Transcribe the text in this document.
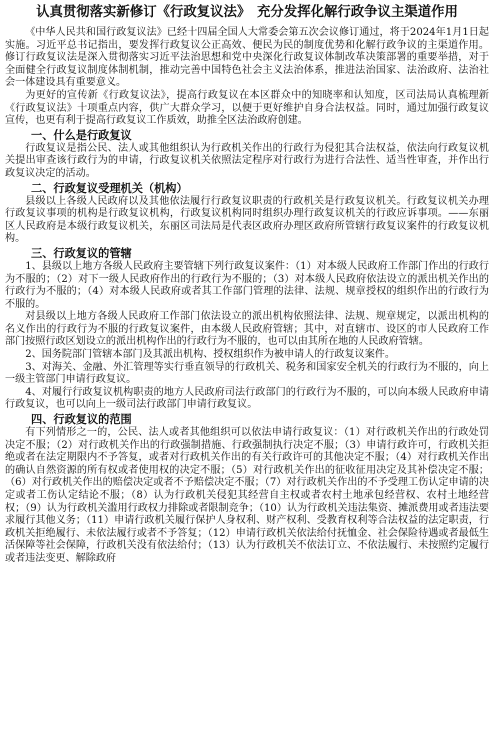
认真贯彻落实新修订《行政复议法》　充分发挥化解行政争议主渠道作用

《中华人民共和国行政复议法》已经十四届全国人大常委会第五次会议修订通过，将于2024年1月1日起实施。习近平总书记指出，要发挥行政复议公正高效、便民为民的制度优势和化解行政争议的主渠道作用。修订行政复议法是深入贯彻落实习近平法治思想和党中央深化行政复议体制改革决策部署的重要举措，对于全面健全行政复议制度体制机制，推动完善中国特色社会主义法治体系，推进法治国家、法治政府、法治社会一体建设具有重要意义。

为更好的宣传新《行政复议法》，提高行政复议在本区群众中的知晓率和认知度，区司法局认真梳理新《行政复议法》十项重点内容，供广大群众学习，以便于更好维护自身合法权益。同时，通过加强行政复议宣传，也更有利于提高行政复议工作质效，助推全区法治政府创建。

一、什么是行政复议

行政复议是指公民、法人或其他组织认为行政机关作出的行政行为侵犯其合法权益，依法向行政复议机关提出审查该行政行为的申请，行政复议机关依照法定程序对行政行为进行合法性、适当性审查，并作出行政复议决定的活动。

二、行政复议受理机关（机构）

县级以上各级人民政府以及其他依法履行行政复议职责的行政机关是行政复议机关。行政复议机关办理行政复议事项的机构是行政复议机构，行政复议机构同时组织办理行政复议机关的行政应诉事项。——东丽区人民政府是本级行政复议机关，东丽区司法局是代表区政府办理区政府所管辖行政复议案件的行政复议机构。

三、行政复议的管辖

1、县级以上地方各级人民政府主要管辖下列行政复议案件：（1）对本级人民政府工作部门作出的行政行为不服的；（2）对下一级人民政府作出的行政行为不服的；（3）对本级人民政府依法设立的派出机关作出的行政行为不服的；（4）对本级人民政府或者其工作部门管理的法律、法规、规章授权的组织作出的行政行为不服的。

对县级以上地方各级人民政府工作部门依法设立的派出机构依照法律、法规、规章规定，以派出机构的名义作出的行政行为不服的行政复议案件，由本级人民政府管辖；其中，对直辖市、设区的市人民政府工作部门按照行政区划设立的派出机构作出的行政行为不服的，也可以由其所在地的人民政府管辖。

2、国务院部门管辖本部门及其派出机构、授权组织作为被申请人的行政复议案件。

3、对海关、金融、外汇管理等实行垂直领导的行政机关、税务和国家安全机关的行政行为不服的，向上一级主管部门申请行政复议。

4、对履行行政复议机构职责的地方人民政府司法行政部门的行政行为不服的，可以向本级人民政府申请行政复议，也可以向上一级司法行政部门申请行政复议。

四、行政复议的范围

有下列情形之一的，公民、法人或者其他组织可以依法申请行政复议：（1）对行政机关作出的行政处罚决定不服；（2）对行政机关作出的行政强制措施、行政强制执行决定不服；（3）申请行政许可，行政机关拒绝或者在法定期限内不予答复，或者对行政机关作出的有关行政许可的其他决定不服；（4）对行政机关作出的确认自然资源的所有权或者使用权的决定不服；（5）对行政机关作出的征收征用决定及其补偿决定不服；（6）对行政机关作出的赔偿决定或者不予赔偿决定不服；（7）对行政机关作出的不予受理工伤认定申请的决定或者工伤认定结论不服；（8）认为行政机关侵犯其经营自主权或者农村土地承包经营权、农村土地经营权；（9）认为行政机关滥用行政权力排除或者限制竞争；（10）认为行政机关违法集资、摊派费用或者违法要求履行其他义务；（11）申请行政机关履行保护人身权利、财产权利、受教育权利等合法权益的法定职责，行政机关拒绝履行、未依法履行或者不予答复；（12）申请行政机关依法给付抚恤金、社会保险待遇或者最低生活保障等社会保障，行政机关没有依法给付；（13）认为行政机关不依法订立、不依法履行、未按照约定履行或者违法变更、解除政府
